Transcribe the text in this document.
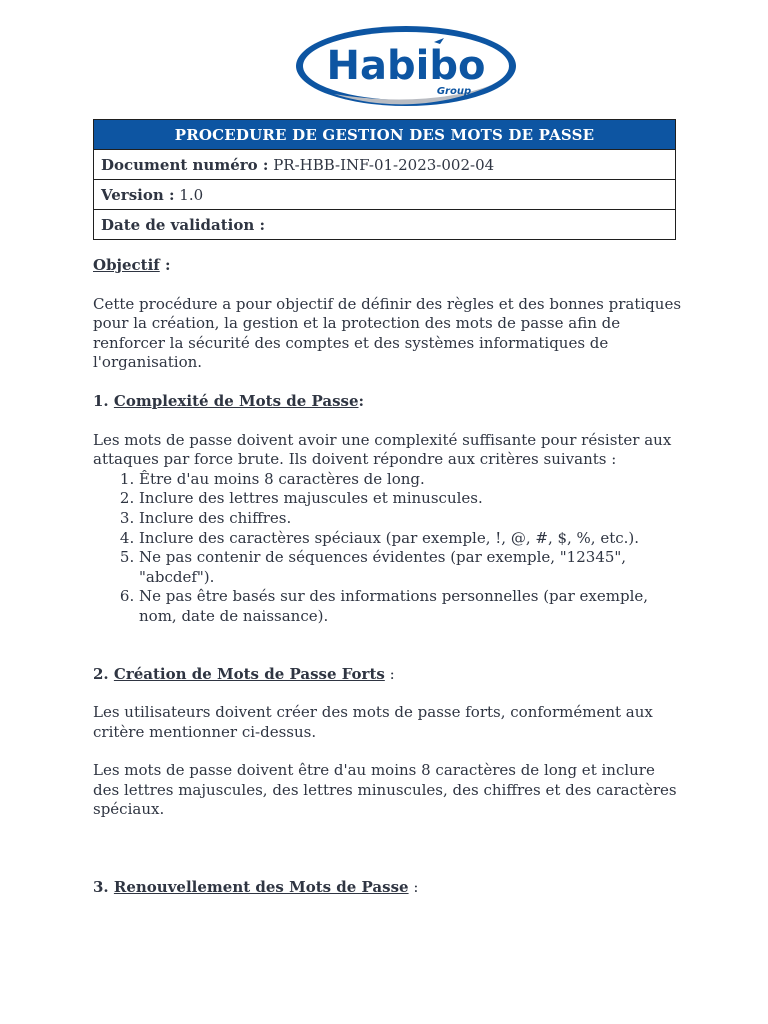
Habibo
Group
PROCEDURE DE GESTION DES MOTS DE PASSE
Document numéro : PR-HBB-INF-01-2023-002-04
Version : 1.0
Date de validation :

Objectif :

Cette procédure a pour objectif de définir des règles et des bonnes pratiques pour la création, la gestion et la protection des mots de passe afin de renforcer la sécurité des comptes et des systèmes informatiques de l'organisation.

1. Complexité de Mots de Passe:

Les mots de passe doivent avoir une complexité suffisante pour résister aux attaques par force brute. Ils doivent répondre aux critères suivants :

1. Être d'au moins 8 caractères de long.
2. Inclure des lettres majuscules et minuscules.
3. Inclure des chiffres.
4. Inclure des caractères spéciaux (par exemple, !, @, #, $, %, etc.).
5. Ne pas contenir de séquences évidentes (par exemple, "12345", "abcdef").
6. Ne pas être basés sur des informations personnelles (par exemple, nom, date de naissance).

2. Création de Mots de Passe Forts :

Les utilisateurs doivent créer des mots de passe forts, conformément aux critère mentionner ci-dessus.

Les mots de passe doivent être d'au moins 8 caractères de long et inclure des lettres majuscules, des lettres minuscules, des chiffres et des caractères spéciaux.

3. Renouvellement des Mots de Passe :
